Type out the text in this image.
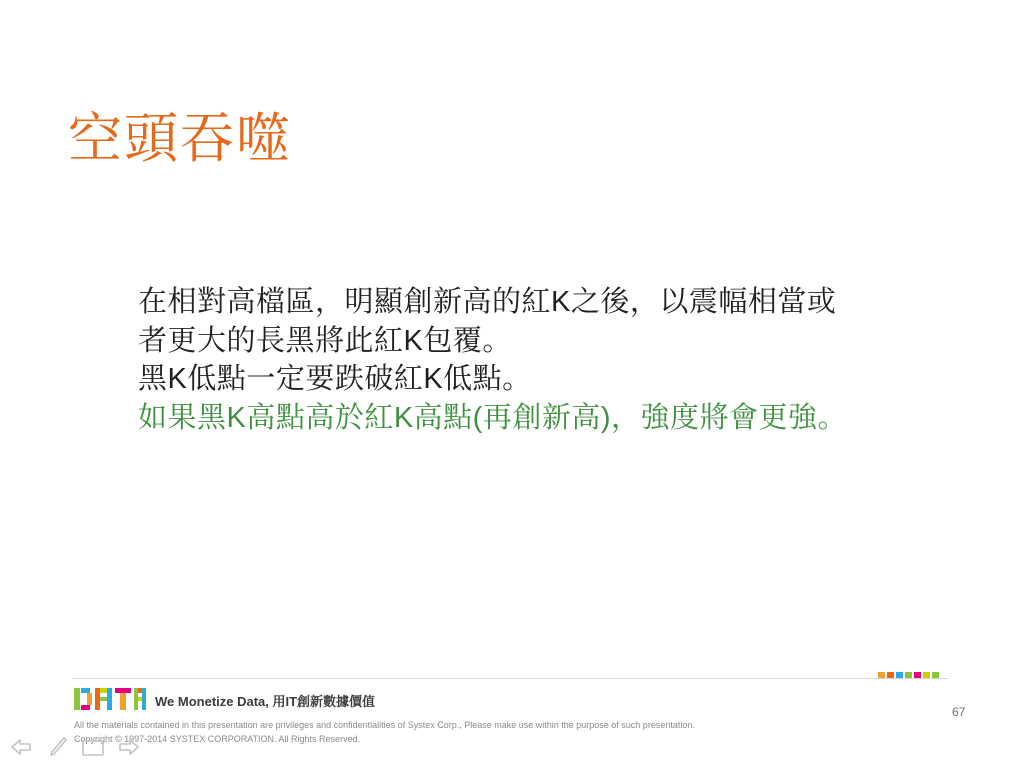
空頭吞噬
在相對高檔區，明顯創新高的紅K之後，以震幅相當或
者更大的長黑將此紅K包覆。
黑K低點一定要跌破紅K低點。
如果黑K高點高於紅K高點(再創新高)，強度將會更強。
We Monetize Data, 用IT創新數據價值
All the materials contained in this presentation are privileges and confidentialities of Systex Corp., Please make use within the purpose of such presentation.
Copyright © 1997-2014 SYSTEX CORPORATION. All Rights Reserved.
67
